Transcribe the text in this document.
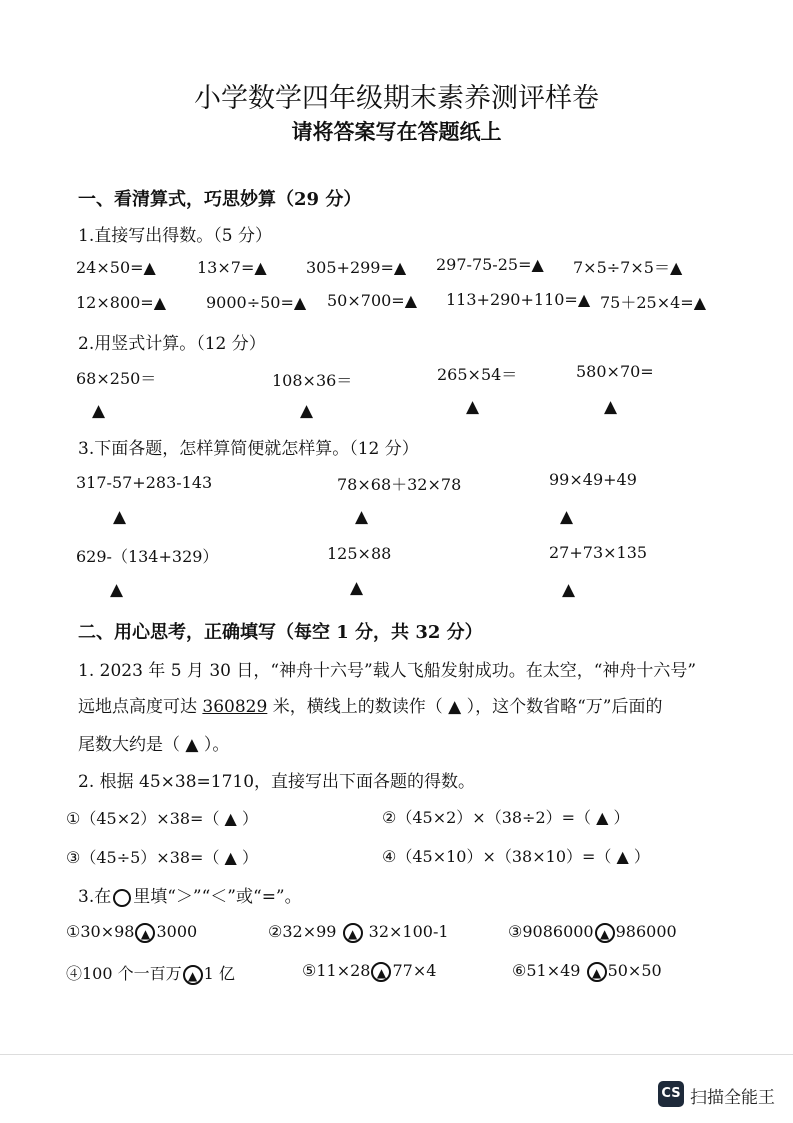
小学数学四年级期末素养测评样卷
请将答案写在答题纸上
一、看清算式，巧思妙算（29 分）
1.直接写出得数。（5 分）
24×50=▲	13×7=▲ 305+299=▲ 297-75-25=▲ 7×5÷7×5＝▲
12×800=▲ 9000÷50=▲ 50×700=▲ 113+290+110=▲ 75＋25×4=▲
2.用竖式计算。（12 分）
68×250＝	108×36＝	265×54＝	580×70=
▲	▲	▲	▲
3.下面各题，怎样算简便就怎样算。（12 分）
317-57+283-143	78×68＋32×78	99×49+49
▲	▲	▲
629-（134+329）	125×88	27+73×135
▲	▲	▲
二、用心思考，正确填写（每空 1 分，共 32 分）
1. 2023 年 5 月 30 日，“神舟十六号”载人飞船发射成功。在太空，“神舟十六号”
远地点高度可达 360829 米，横线上的数读作（ ▲ ），这个数省略“万”后面的
尾数大约是（ ▲ ）。
2. 根据 45×38=1710，直接写出下面各题的得数。
①（45×2）×38=（ ▲ ）	②（45×2）×（38÷2）=（ ▲ ）
③（45÷5）×38=（ ▲ ）	④（45×10）×（38×10）=（ ▲ ）
3.在 里填“＞”“＜”或“=”。
①30×98 ▲ 3000	②32×99 ▲ 32×100-1	③9086000 ▲ 986000
④100 个一百万 ▲ 1 亿	⑤11×28 ▲ 77×4	⑥51×49 ▲ 50×50
CS 扫描全能王
